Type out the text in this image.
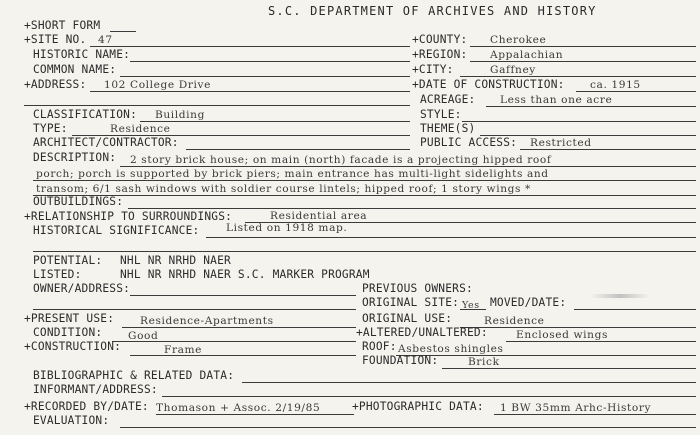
S.C. DEPARTMENT OF ARCHIVES AND HISTORY
+SHORT FORM
+SITE NO. 47	+COUNTY: Cherokee
HISTORIC NAME:	+REGION: Appalachian
COMMON NAME:	+CITY:	Gaffney
+ADDRESS: 102 College Drive	+DATE OF CONSTRUCTION: ca. 1915
ACREAGE: Less than one acre
CLASSIFICATION: Building	STYLE:
TYPE:	Residence	THEME(S)
ARCHITECT/CONTRACTOR:	PUBLIC ACCESS: Restricted
DESCRIPTION: 2 story brick house; on main (north) facade is a projecting hipped roof
porch; porch is supported by brick piers; main entrance has multi-light sidelights and
transom; 6/1 sash windows with soldier course lintels; hipped roof; 1 story wings *
OUTBUILDINGS:
+RELATIONSHIP TO SURROUNDINGS:	Residential area
HISTORICAL SIGNIFICANCE:	Listed on 1918 map.
POTENTIAL: NHL NR NRHD NAER
LISTED:	NHL NR NRHD NAER S.C. MARKER PROGRAM
OWNER/ADDRESS:	PREVIOUS OWNERS:
ORIGINAL SITE: Yes MOVED/DATE:
+PRESENT USE: Residence-Apartments	ORIGINAL USE:	Residence
CONDITION: Good	+ALTERED/UNALTERED:	Enclosed wings
+CONSTRUCTION:	Frame	ROOF: Asbestos shingles
FOUNDATION:	Brick
BIBLIOGRAPHIC & RELATED DATA:
INFORMANT/ADDRESS:
+RECORDED BY/DATE: Thomason + Assoc. 2/19/85	+PHOTOGRAPHIC DATA: 1 BW 35mm Arhc-History
EVALUATION:
